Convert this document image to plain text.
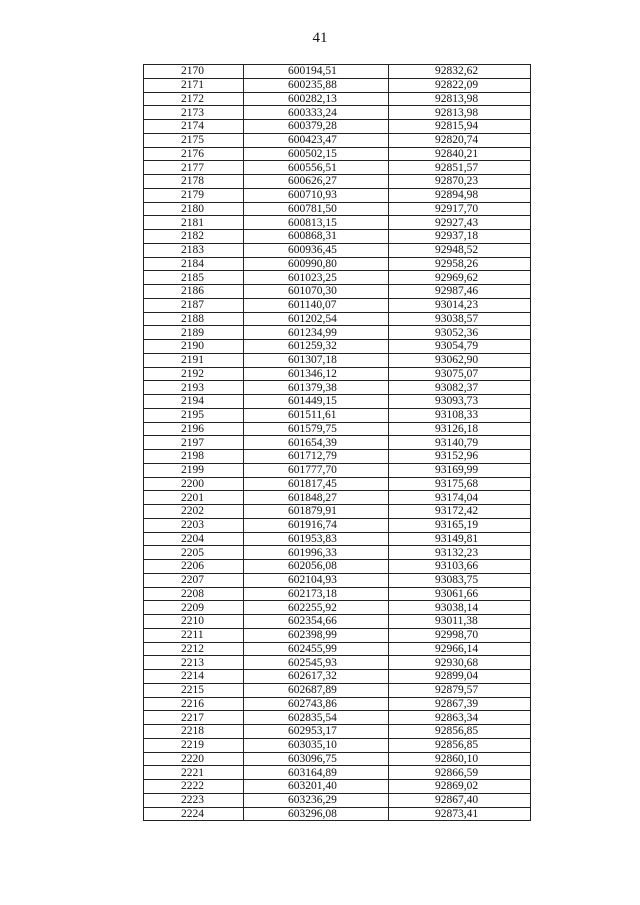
41
2170	600194,51	92832,62
2171	600235,88	92822,09
2172	600282,13	92813,98
2173	600333,24	92813,98
2174	600379,28	92815,94
2175	600423,47	92820,74
2176	600502,15	92840,21
2177	600556,51	92851,57
2178	600626,27	92870,23
2179	600710,93	92894,98
2180	600781,50	92917,70
2181	600813,15	92927,43
2182	600868,31	92937,18
2183	600936,45	92948,52
2184	600990,80	92958,26
2185	601023,25	92969,62
2186	601070,30	92987,46
2187	601140,07	93014,23
2188	601202,54	93038,57
2189	601234,99	93052,36
2190	601259,32	93054,79
2191	601307,18	93062,90
2192	601346,12	93075,07
2193	601379,38	93082,37
2194	601449,15	93093,73
2195	601511,61	93108,33
2196	601579,75	93126,18
2197	601654,39	93140,79
2198	601712,79	93152,96
2199	601777,70	93169,99
2200	601817,45	93175,68
2201	601848,27	93174,04
2202	601879,91	93172,42
2203	601916,74	93165,19
2204	601953,83	93149,81
2205	601996,33	93132,23
2206	602056,08	93103,66
2207	602104,93	93083,75
2208	602173,18	93061,66
2209	602255,92	93038,14
2210	602354,66	93011,38
2211	602398,99	92998,70
2212	602455,99	92966,14
2213	602545,93	92930,68
2214	602617,32	92899,04
2215	602687,89	92879,57
2216	602743,86	92867,39
2217	602835,54	92863,34
2218	602953,17	92856,85
2219	603035,10	92856,85
2220	603096,75	92860,10
2221	603164,89	92866,59
2222	603201,40	92869,02
2223	603236,29	92867,40
2224	603296,08	92873,41
